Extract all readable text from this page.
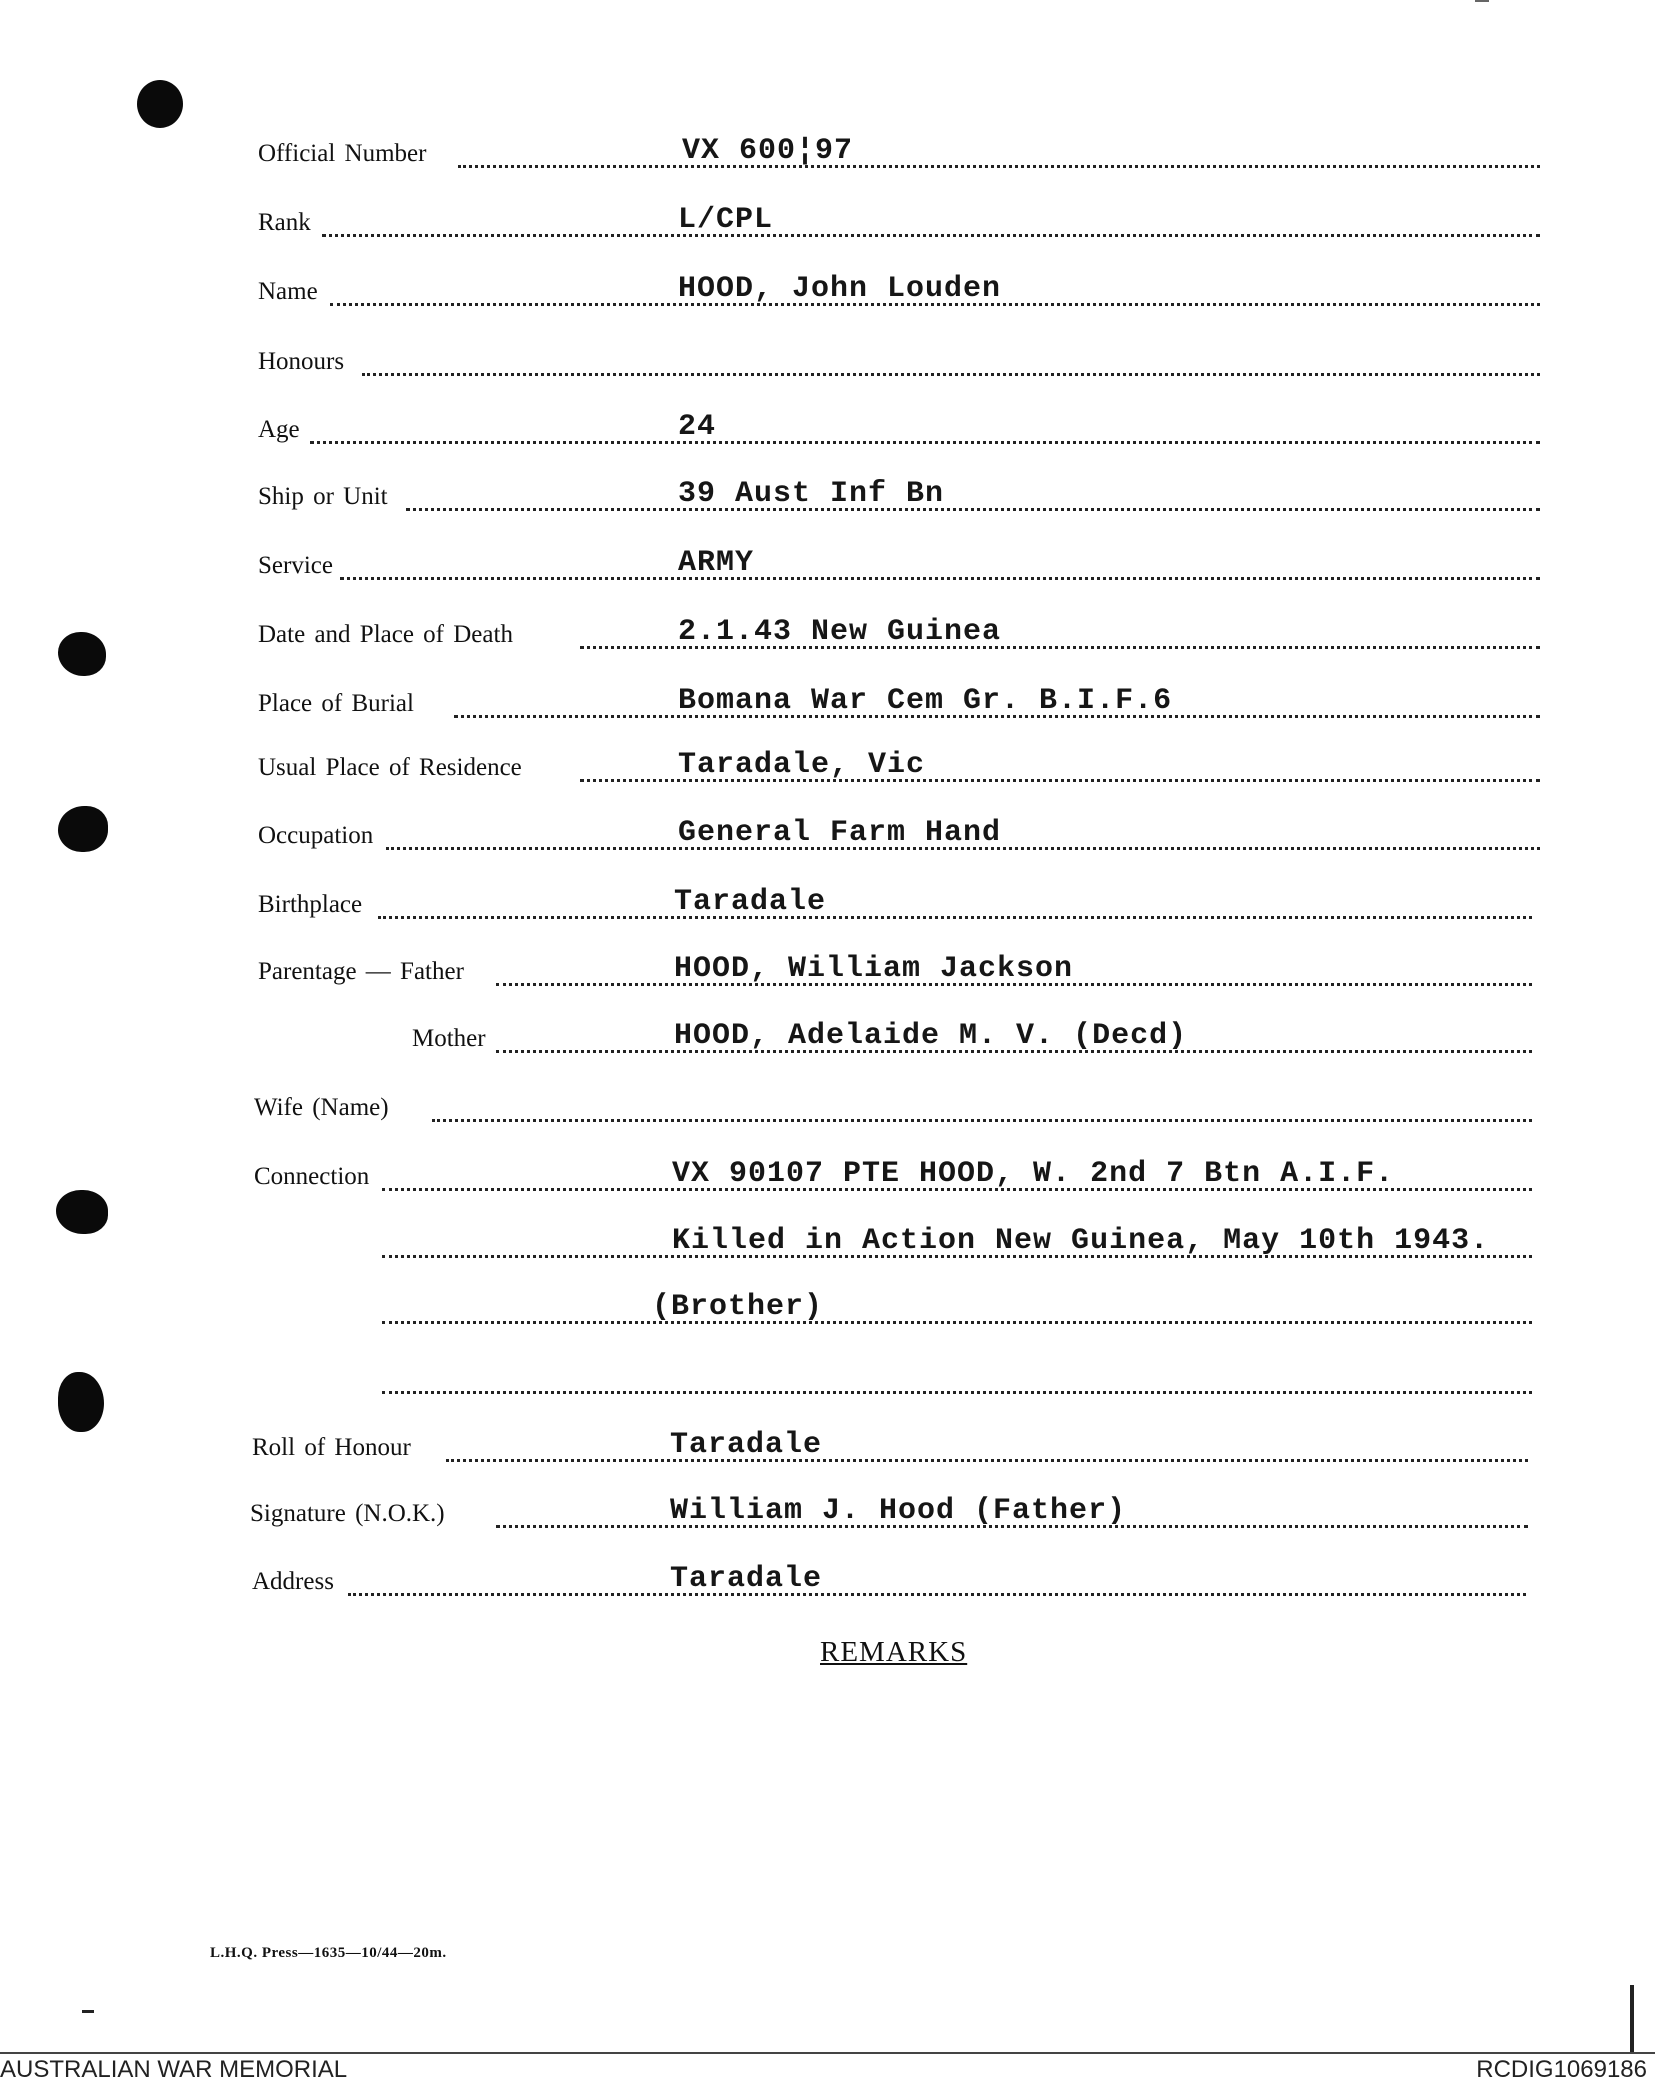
Official Number	VX 600¦97
Rank	L/CPL
Name	HOOD, John Louden
Honours
Age	24
Ship or Unit	39 Aust Inf Bn
Service	ARMY
Date and Place of Death	2.1.43 New Guinea
Place of Burial	Bomana War Cem Gr. B.I.F.6
Usual Place of Residence	Taradale, Vic
Occupation	General Farm Hand
Birthplace	Taradale
Parentage — Father	HOOD, William Jackson
Mother	HOOD, Adelaide M. V. (Decd)
Wife (Name)
Connection	VX 90107 PTE HOOD, W. 2nd 7 Btn A.I.F.
Killed in Action New Guinea, May 10th 1943.
(Brother)
Roll of Honour	Taradale
Signature (N.O.K.)	William J. Hood (Father)
Address	Taradale
REMARKS
L.H.Q. Press—1635—10/44—20m.
AUSTRALIAN WAR MEMORIAL	RCDIG1069186
